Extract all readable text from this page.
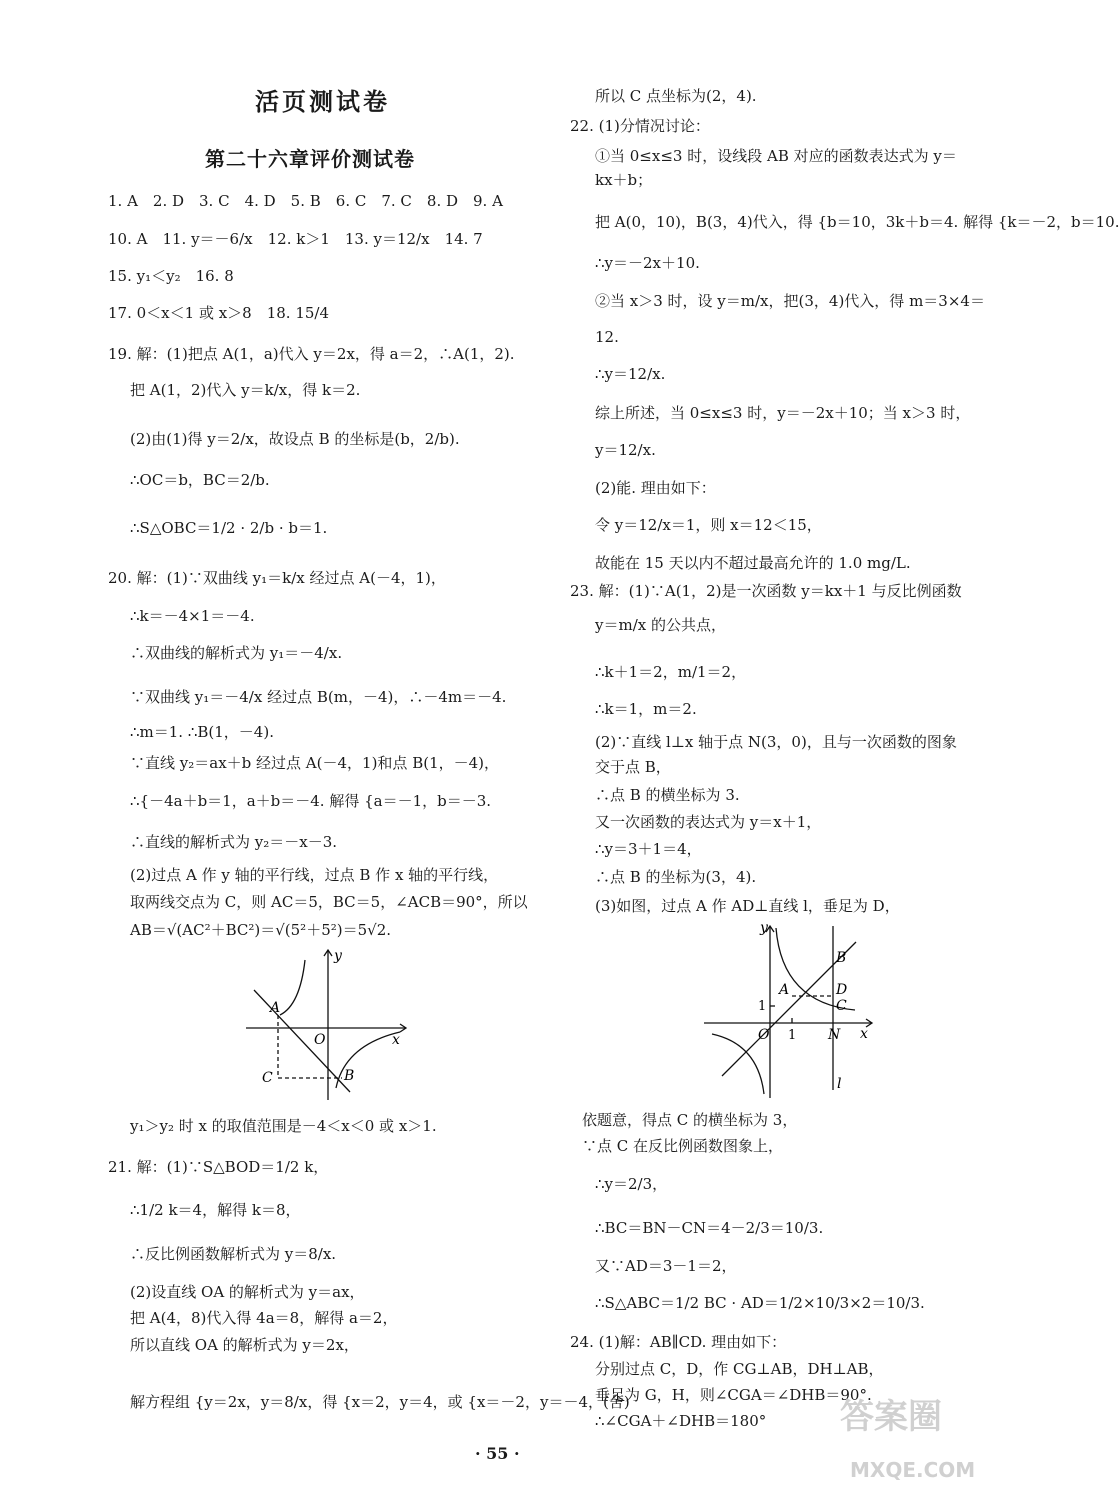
活页测试卷
第二十六章评价测试卷
1. A　2. D　3. C　4. D　5. B　6. C　7. C　8. D　9. A
10. A　11. y＝－6/x　12. k＞1　13. y＝12/x　14. 7
15. y₁＜y₂　16. 8
17. 0＜x＜1 或 x＞8　18. 15/4
19. 解：(1)把点 A(1，a)代入 y＝2x，得 a＝2，∴A(1，2).
把 A(1，2)代入 y＝k/x，得 k＝2.
(2)由(1)得 y＝2/x，故设点 B 的坐标是(b，2/b).
∴OC＝b，BC＝2/b.
∴S△OBC＝1/2 · 2/b · b＝1.
20. 解：(1)∵双曲线 y₁＝k/x 经过点 A(－4，1)，
∴k＝－4×1＝－4.
∴双曲线的解析式为 y₁＝－4/x.
∵双曲线 y₁＝－4/x 经过点 B(m，－4)，∴－4m＝－4.
∴m＝1. ∴B(1，－4).
∵直线 y₂＝ax＋b 经过点 A(－4，1)和点 B(1，－4)，
∴{－4a＋b＝1，a＋b＝－4. 解得 {a＝－1，b＝－3.
∴直线的解析式为 y₂＝－x－3.
(2)过点 A 作 y 轴的平行线，过点 B 作 x 轴的平行线，
取两线交点为 C，则 AC＝5，BC＝5，∠ACB＝90°，所以
AB＝√(AC²＋BC²)＝√(5²＋5²)＝5√2.
A
B
C
O	x
y
y₁＞y₂ 时 x 的取值范围是－4＜x＜0 或 x＞1.
21. 解：(1)∵S△BOD＝1/2 k，
∴1/2 k＝4，解得 k＝8，
∴反比例函数解析式为 y＝8/x.
(2)设直线 OA 的解析式为 y＝ax，
把 A(4，8)代入得 4a＝8，解得 a＝2，
所以直线 OA 的解析式为 y＝2x，
解方程组 {y＝2x，y＝8/x，得 {x＝2，y＝4，或 {x＝－2，y＝－4，(舍)
所以 C 点坐标为(2，4).
22. (1)分情况讨论：
①当 0≤x≤3 时，设线段 AB 对应的函数表达式为 y＝
kx＋b；
把 A(0，10)，B(3，4)代入，得 {b＝10，3k＋b＝4. 解得 {k＝－2，b＝10.
∴y＝－2x＋10.
②当 x＞3 时，设 y＝m/x，把(3，4)代入，得 m＝3×4＝
12.
∴y＝12/x.
综上所述，当 0≤x≤3 时，y＝－2x＋10；当 x＞3 时，
y＝12/x.
(2)能. 理由如下：
令 y＝12/x＝1，则 x＝12＜15，
故能在 15 天以内不超过最高允许的 1.0 mg/L.
23. 解：(1)∵A(1，2)是一次函数 y＝kx＋1 与反比例函数
y＝m/x 的公共点，
∴k＋1＝2，m/1＝2，
∴k＝1，m＝2.
(2)∵直线 l⊥x 轴于点 N(3，0)，且与一次函数的图象
交于点 B，
∴点 B 的横坐标为 3.
又一次函数的表达式为 y＝x＋1，
∴y＝3＋1＝4，
∴点 B 的坐标为(3，4).
(3)如图，过点 A 作 AD⊥直线 l，垂足为 D，
y
x
O 1
1
A
B
D
C
N
l
依题意，得点 C 的横坐标为 3，
∵点 C 在反比例函数图象上，
∴y＝2/3，
∴BC＝BN－CN＝4－2/3＝10/3.
又∵AD＝3－1＝2，
∴S△ABC＝1/2 BC · AD＝1/2×10/3×2＝10/3.
24. (1)解：AB∥CD. 理由如下：
分别过点 C，D，作 CG⊥AB，DH⊥AB，
垂足为 G，H，则∠CGA＝∠DHB＝90°.
∴∠CGA＋∠DHB＝180°
· 55 ·
答案圈
MXQE.COM
